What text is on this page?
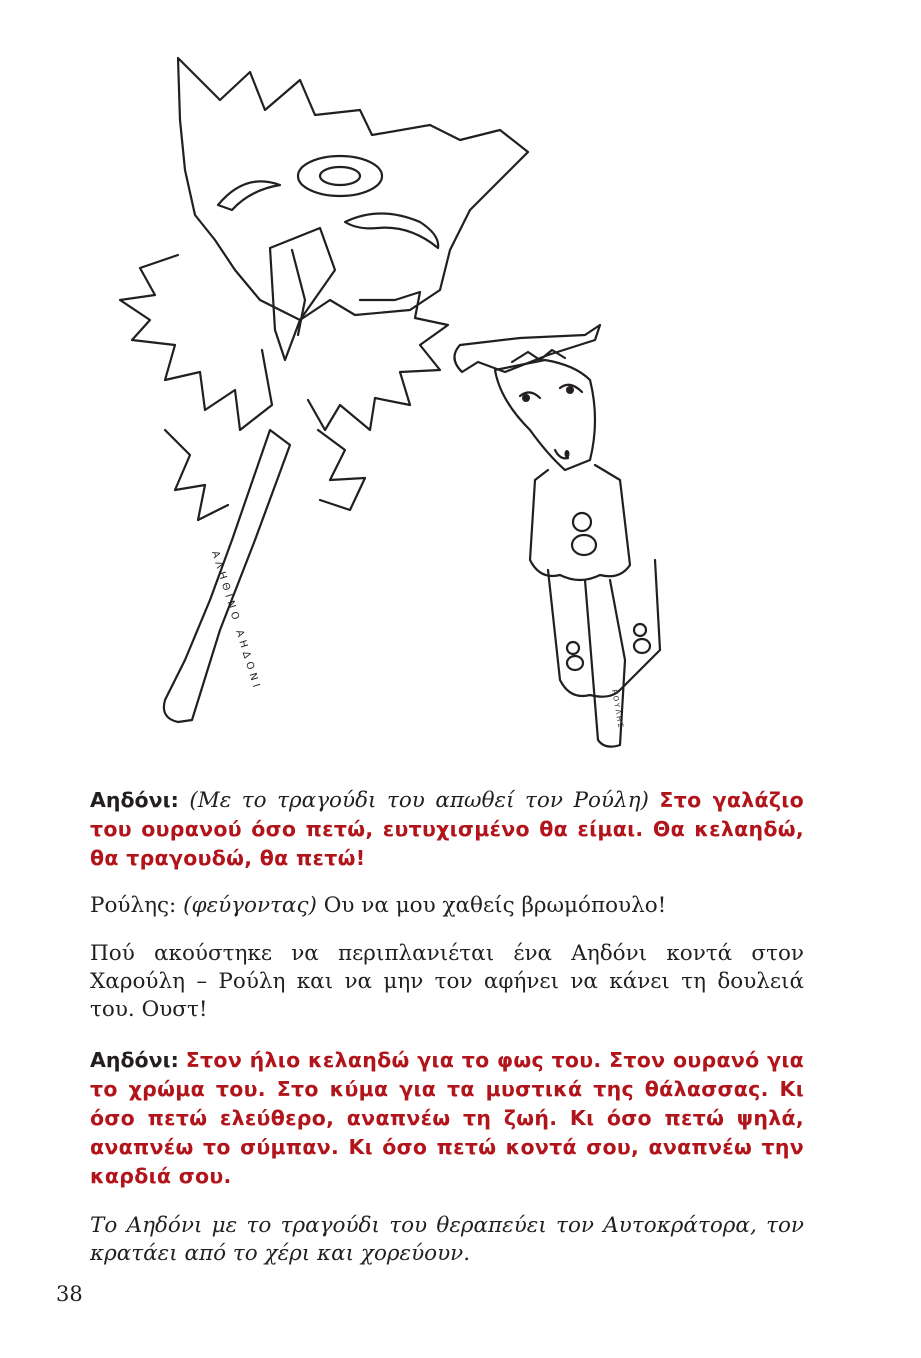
ΑΛΗΘΙΝΟ ΑΗΔΟΝΙ
ΡΟΥΛΗΣ
Αηδόνι: (Με το τραγούδι του απωθεί τον Ρούλη) Στο γαλάζιο του ουρανού όσο πετώ, ευτυχισμένο θα είμαι. Θα κελαηδώ, θα τραγουδώ, θα πετώ!
Ρούλης: (φεύγοντας) Ου να μου χαθείς βρωμόπουλο!
Πού ακούστηκε να περιπλανιέται ένα Αηδόνι κοντά στον Χαρούλη – Ρούλη και να μην τον αφήνει να κάνει τη δουλειά του. Ουστ!
Αηδόνι: Στον ήλιο κελαηδώ για το φως του. Στον ουρανό για το χρώμα του. Στο κύμα για τα μυστικά της θάλασσας. Κι όσο πετώ ελεύθερο, αναπνέω τη ζωή. Κι όσο πετώ ψηλά, αναπνέω το σύμπαν. Κι όσο πετώ κοντά σου, αναπνέω την καρδιά σου.
Το Αηδόνι με το τραγούδι του θεραπεύει τον Αυτοκράτορα, τον κρατάει από το χέρι και χορεύουν.
38
